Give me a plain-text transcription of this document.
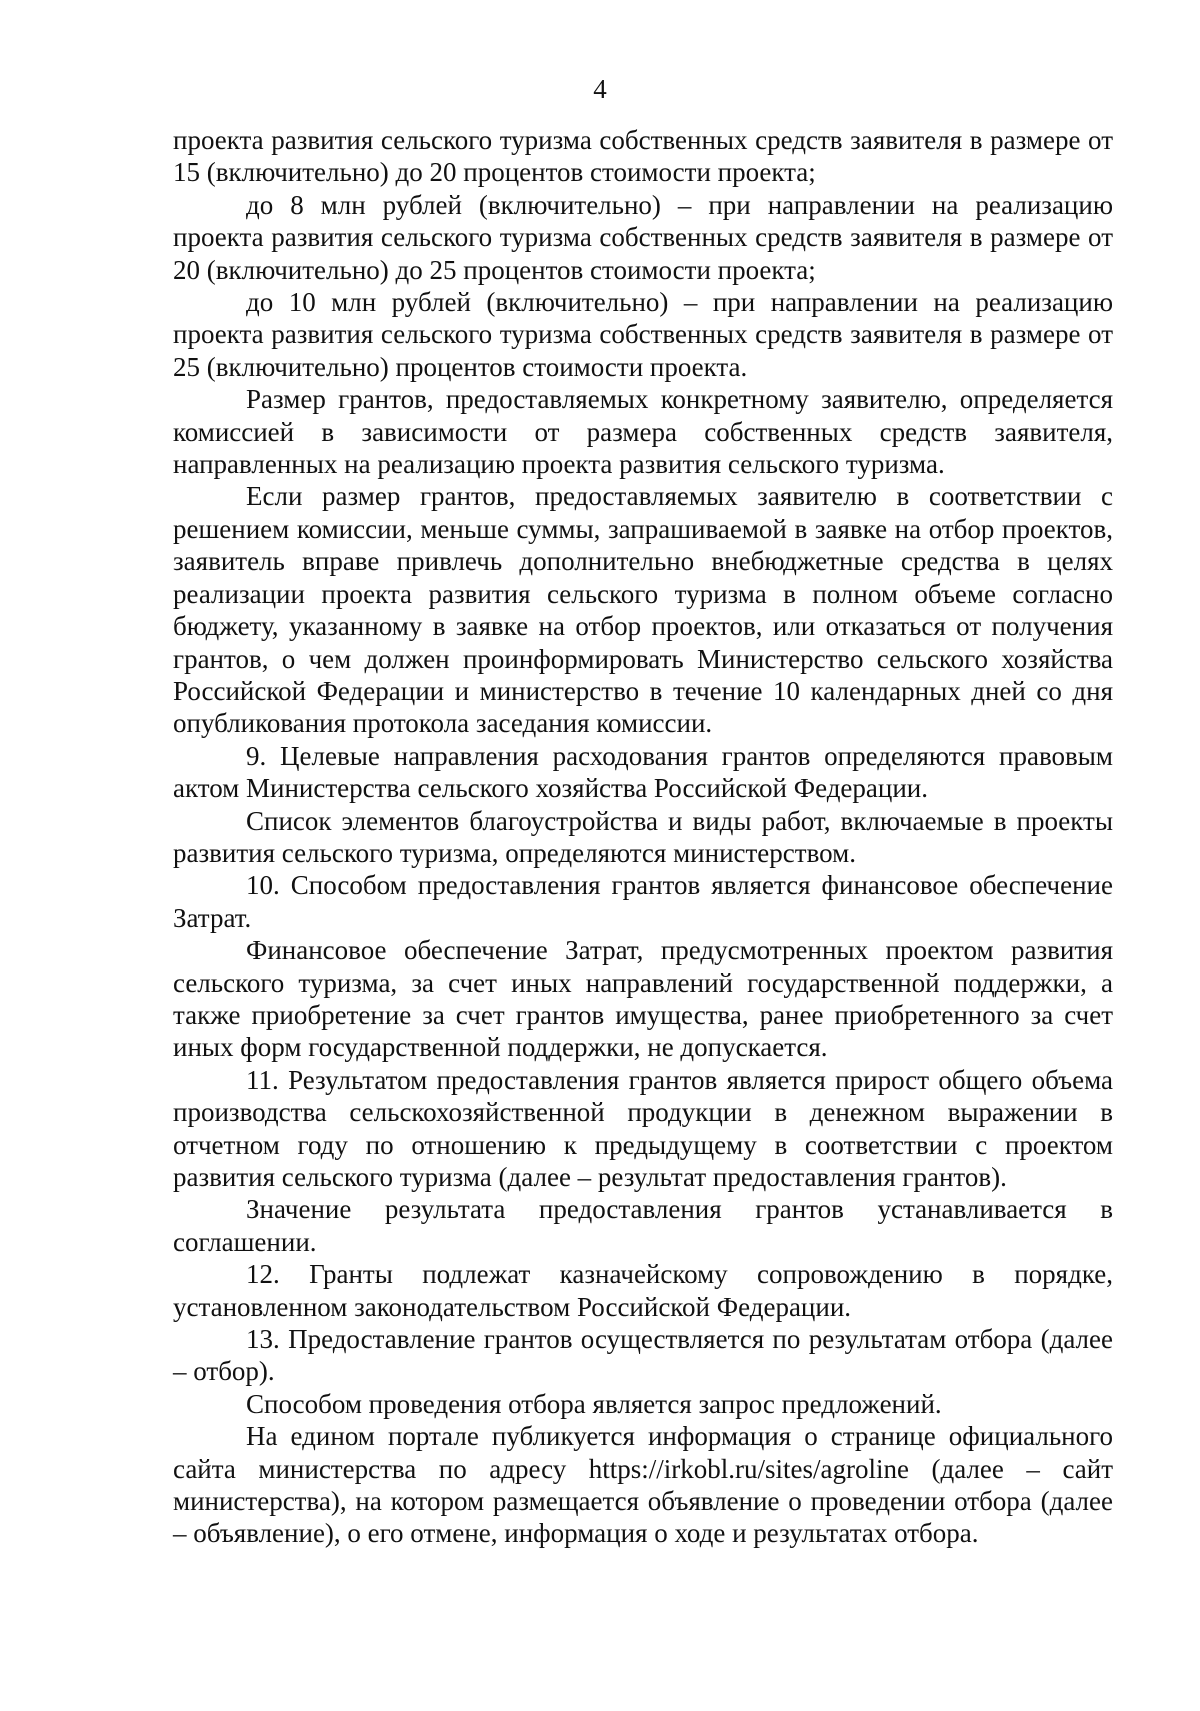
4

проекта развития сельского туризма собственных средств заявителя в размере от 15 (включительно) до 20 процентов стоимости проекта;

до 8 млн рублей (включительно) – при направлении на реализацию проекта развития сельского туризма собственных средств заявителя в размере от 20 (включительно) до 25 процентов стоимости проекта;

до 10 млн рублей (включительно) – при направлении на реализацию проекта развития сельского туризма собственных средств заявителя в размере от 25 (включительно) процентов стоимости проекта.

Размер грантов, предоставляемых конкретному заявителю, определяется комиссией в зависимости от размера собственных средств заявителя, направленных на реализацию проекта развития сельского туризма.

Если размер грантов, предоставляемых заявителю в соответствии с решением комиссии, меньше суммы, запрашиваемой в заявке на отбор проектов, заявитель вправе привлечь дополнительно внебюджетные средства в целях реализации проекта развития сельского туризма в полном объеме согласно бюджету, указанному в заявке на отбор проектов, или отказаться от получения грантов, о чем должен проинформировать Министерство сельского хозяйства Российской Федерации и министерство в течение 10 календарных дней со дня опубликования протокола заседания комиссии.

9. Целевые направления расходования грантов определяются правовым актом Министерства сельского хозяйства Российской Федерации.

Список элементов благоустройства и виды работ, включаемые в проекты развития сельского туризма, определяются министерством.

10. Способом предоставления грантов является финансовое обеспечение Затрат.

Финансовое обеспечение Затрат, предусмотренных проектом развития сельского туризма, за счет иных направлений государственной поддержки, а также приобретение за счет грантов имущества, ранее приобретенного за счет иных форм государственной поддержки, не допускается.

11. Результатом предоставления грантов является прирост общего объема производства сельскохозяйственной продукции в денежном выражении в отчетном году по отношению к предыдущему в соответствии с проектом развития сельского туризма (далее – результат предоставления грантов).

Значение результата предоставления грантов устанавливается в соглашении.

12. Гранты подлежат казначейскому сопровождению в порядке, установленном законодательством Российской Федерации.

13. Предоставление грантов осуществляется по результатам отбора (далее – отбор).

Способом проведения отбора является запрос предложений.

На едином портале публикуется информация о странице официального сайта министерства по адресу https://irkobl.ru/sites/agroline (далее – сайт министерства), на котором размещается объявление о проведении отбора (далее – объявление), о его отмене, информация о ходе и результатах отбора.
